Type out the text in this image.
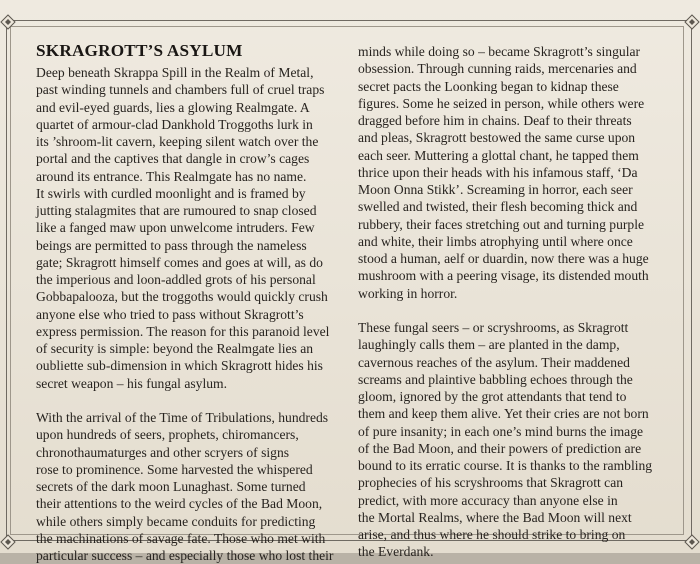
SKRAGROTT’S ASYLUM
Deep beneath Skrappa Spill in the Realm of Metal,
past winding tunnels and chambers full of cruel traps
and evil-eyed guards, lies a glowing Realmgate. A
quartet of armour-clad Dankhold Troggoths lurk in
its ’shroom-lit cavern, keeping silent watch over the
portal and the captives that dangle in crow’s cages
around its entrance. This Realmgate has no name.
It swirls with curdled moonlight and is framed by
jutting stalagmites that are rumoured to snap closed
like a fanged maw upon unwelcome intruders. Few
beings are permitted to pass through the nameless
gate; Skragrott himself comes and goes at will, as do
the imperious and loon-addled grots of his personal
Gobbapalooza, but the troggoths would quickly crush
anyone else who tried to pass without Skragrott’s
express permission. The reason for this paranoid level
of security is simple: beyond the Realmgate lies an
oubliette sub-dimension in which Skragrott hides his
secret weapon – his fungal asylum.
With the arrival of the Time of Tribulations, hundreds
upon hundreds of seers, prophets, chiromancers,
chronothaumaturges and other scryers of signs
rose to prominence. Some harvested the whispered
secrets of the dark moon Lunaghast. Some turned
their attentions to the weird cycles of the Bad Moon,
while others simply became conduits for predicting
the machinations of savage fate. Those who met with
particular success – and especially those who lost their
minds while doing so – became Skragrott’s singular
obsession. Through cunning raids, mercenaries and
secret pacts the Loonking began to kidnap these
figures. Some he seized in person, while others were
dragged before him in chains. Deaf to their threats
and pleas, Skragrott bestowed the same curse upon
each seer. Muttering a glottal chant, he tapped them
thrice upon their heads with his infamous staff, ‘Da
Moon Onna Stikk’. Screaming in horror, each seer
swelled and twisted, their flesh becoming thick and
rubbery, their faces stretching out and turning purple
and white, their limbs atrophying until where once
stood a human, aelf or duardin, now there was a huge
mushroom with a peering visage, its distended mouth
working in horror.
These fungal seers – or scryshrooms, as Skragrott
laughingly calls them – are planted in the damp,
cavernous reaches of the asylum. Their maddened
screams and plaintive babbling echoes through the
gloom, ignored by the grot attendants that tend to
them and keep them alive. Yet their cries are not born
of pure insanity; in each one’s mind burns the image
of the Bad Moon, and their powers of prediction are
bound to its erratic course. It is thanks to the rambling
prophecies of his scryshrooms that Skragrott can
predict, with more accuracy than anyone else in
the Mortal Realms, where the Bad Moon will next
arise, and thus where he should strike to bring on
the Everdank.
